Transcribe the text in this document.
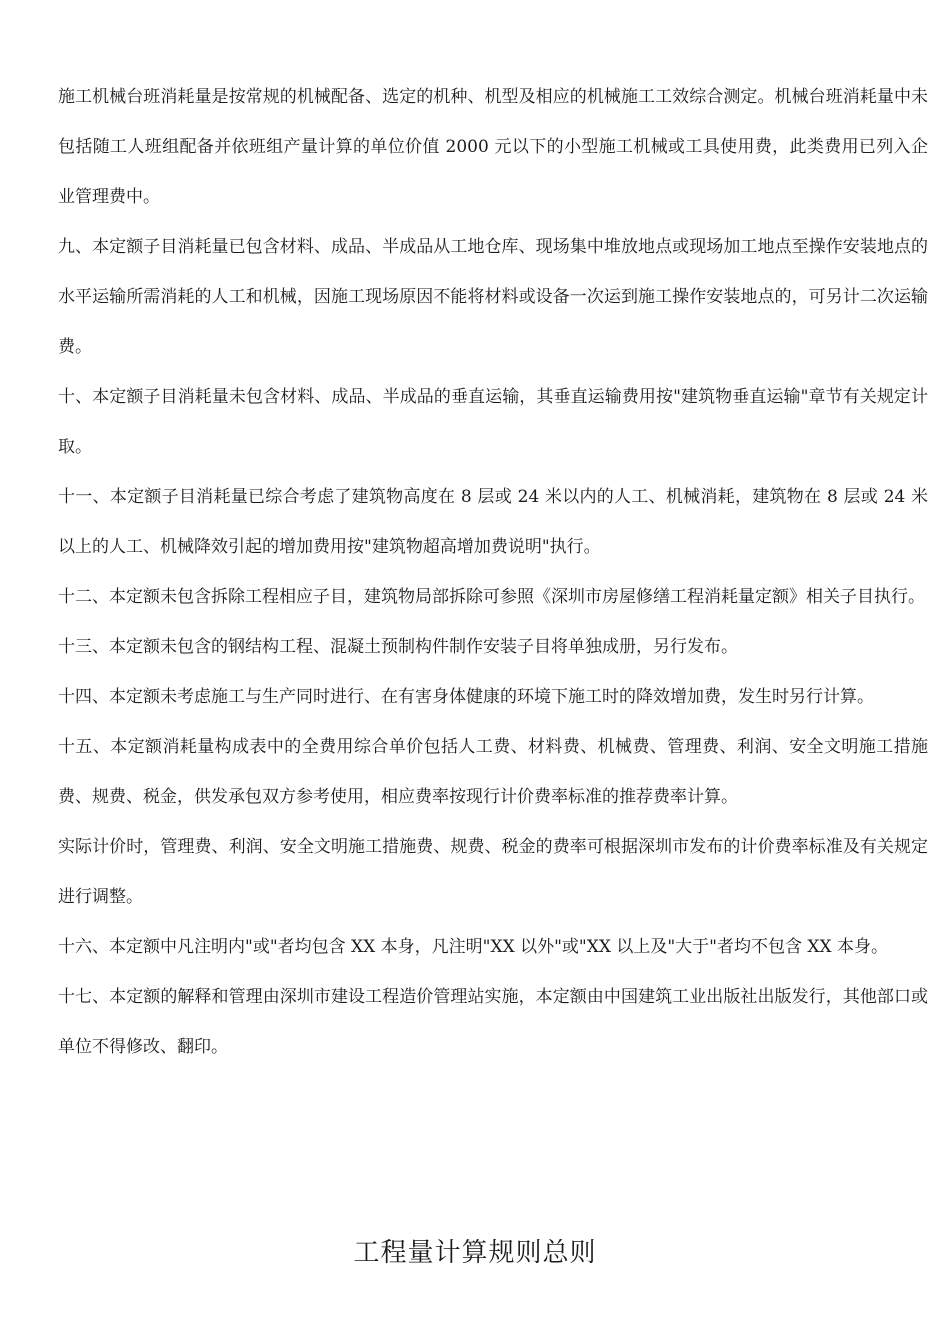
施工机械台班消耗量是按常规的机械配备、选定的机种、机型及相应的机械施工工效综合测定。机械台班消耗量中未包括随工人班组配备并依班组产量计算的单位价值 2000 元以下的小型施工机械或工具使用费，此类费用已列入企业管理费中。

九、本定额子目消耗量已包含材料、成品、半成品从工地仓库、现场集中堆放地点或现场加工地点至操作安装地点的水平运输所需消耗的人工和机械，因施工现场原因不能将材料或设备一次运到施工操作安装地点的，可另计二次运输费。

十、本定额子目消耗量未包含材料、成品、半成品的垂直运输，其垂直运输费用按"建筑物垂直运输"章节有关规定计取。

十一、本定额子目消耗量已综合考虑了建筑物高度在 8 层或 24 米以内的人工、机械消耗，建筑物在 8 层或 24 米以上的人工、机械降效引起的增加费用按"建筑物超高增加费说明"执行。

十二、本定额未包含拆除工程相应子目，建筑物局部拆除可参照《深圳市房屋修缮工程消耗量定额》相关子目执行。

十三、本定额未包含的钢结构工程、混凝土预制构件制作安装子目将单独成册，另行发布。

十四、本定额未考虑施工与生产同时进行、在有害身体健康的环境下施工时的降效增加费，发生时另行计算。

十五、本定额消耗量构成表中的全费用综合单价包括人工费、材料费、机械费、管理费、利润、安全文明施工措施费、规费、税金，供发承包双方参考使用，相应费率按现行计价费率标准的推荐费率计算。

实际计价时，管理费、利润、安全文明施工措施费、规费、税金的费率可根据深圳市发布的计价费率标准及有关规定进行调整。

十六、本定额中凡注明内"或"者均包含 XX 本身，凡注明"XX 以外"或"XX 以上及"大于"者均不包含 XX 本身。

十七、本定额的解释和管理由深圳市建设工程造价管理站实施，本定额由中国建筑工业出版社出版发行，其他部口或单位不得修改、翻印。

工程量计算规则总则
